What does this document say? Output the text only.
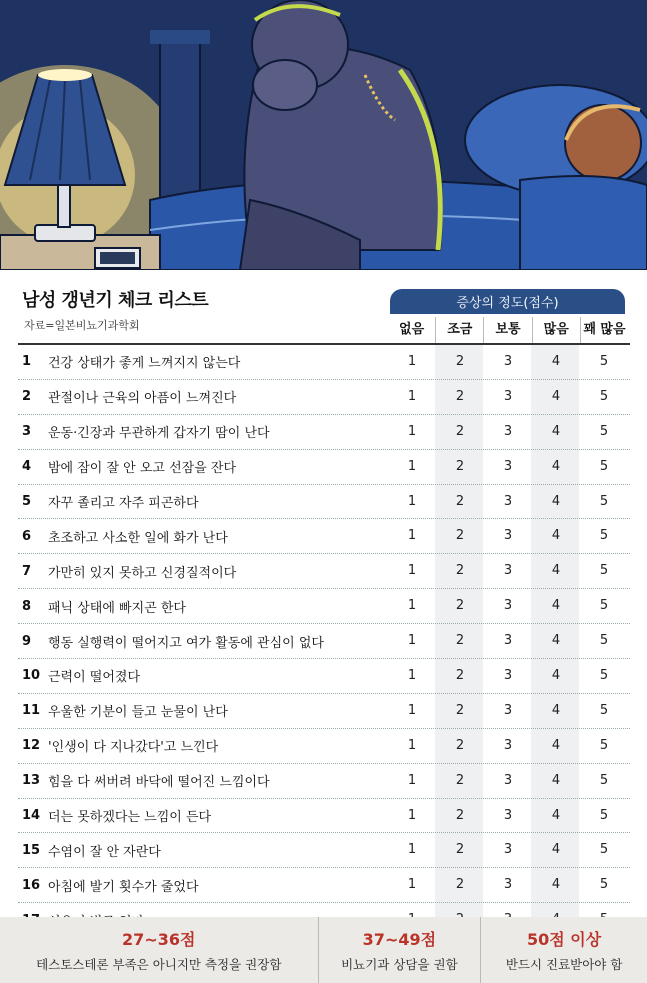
남성 갱년기 체크 리스트
자료=일본비뇨기과학회
증상의 정도(점수)
없음	조금	보통	많음	꽤 많음
1	건강 상태가 좋게 느껴지지 않는다	1	2	3	4	5
2	관절이나 근육의 아픔이 느껴진다	1	2	3	4	5
3	운동·긴장과 무관하게 갑자기 땀이 난다	1	2	3	4	5
4	밤에 잠이 잘 안 오고 선잠을 잔다	1	2	3	4	5
5	자꾸 졸리고 자주 피곤하다	1	2	3	4	5
6	초조하고 사소한 일에 화가 난다	1	2	3	4	5
7	가만히 있지 못하고 신경질적이다	1	2	3	4	5
8	패닉 상태에 빠지곤 한다	1	2	3	4	5
9	행동 실행력이 떨어지고 여가 활동에 관심이 없다	1	2	3	4	5
10 근력이 떨어졌다	1	2	3	4	5
11 우울한 기분이 들고 눈물이 난다	1	2	3	4	5
12 '인생이 다 지나갔다'고 느낀다	1	2	3	4	5
13 힘을 다 써버려 바닥에 떨어진 느낌이다	1	2	3	4	5
14 더는 못하겠다는 느낌이 든다	1	2	3	4	5
15 수염이 잘 안 자란다	1	2	3	4	5
16 아침에 발기 횟수가 줄었다	1	2	3	4	5
27~36점
테스토스테론 부족은 아니지만 측정을 권장함
37~49점
비뇨기과 상담을 권함
50점 이상
반드시 진료받아야 함
